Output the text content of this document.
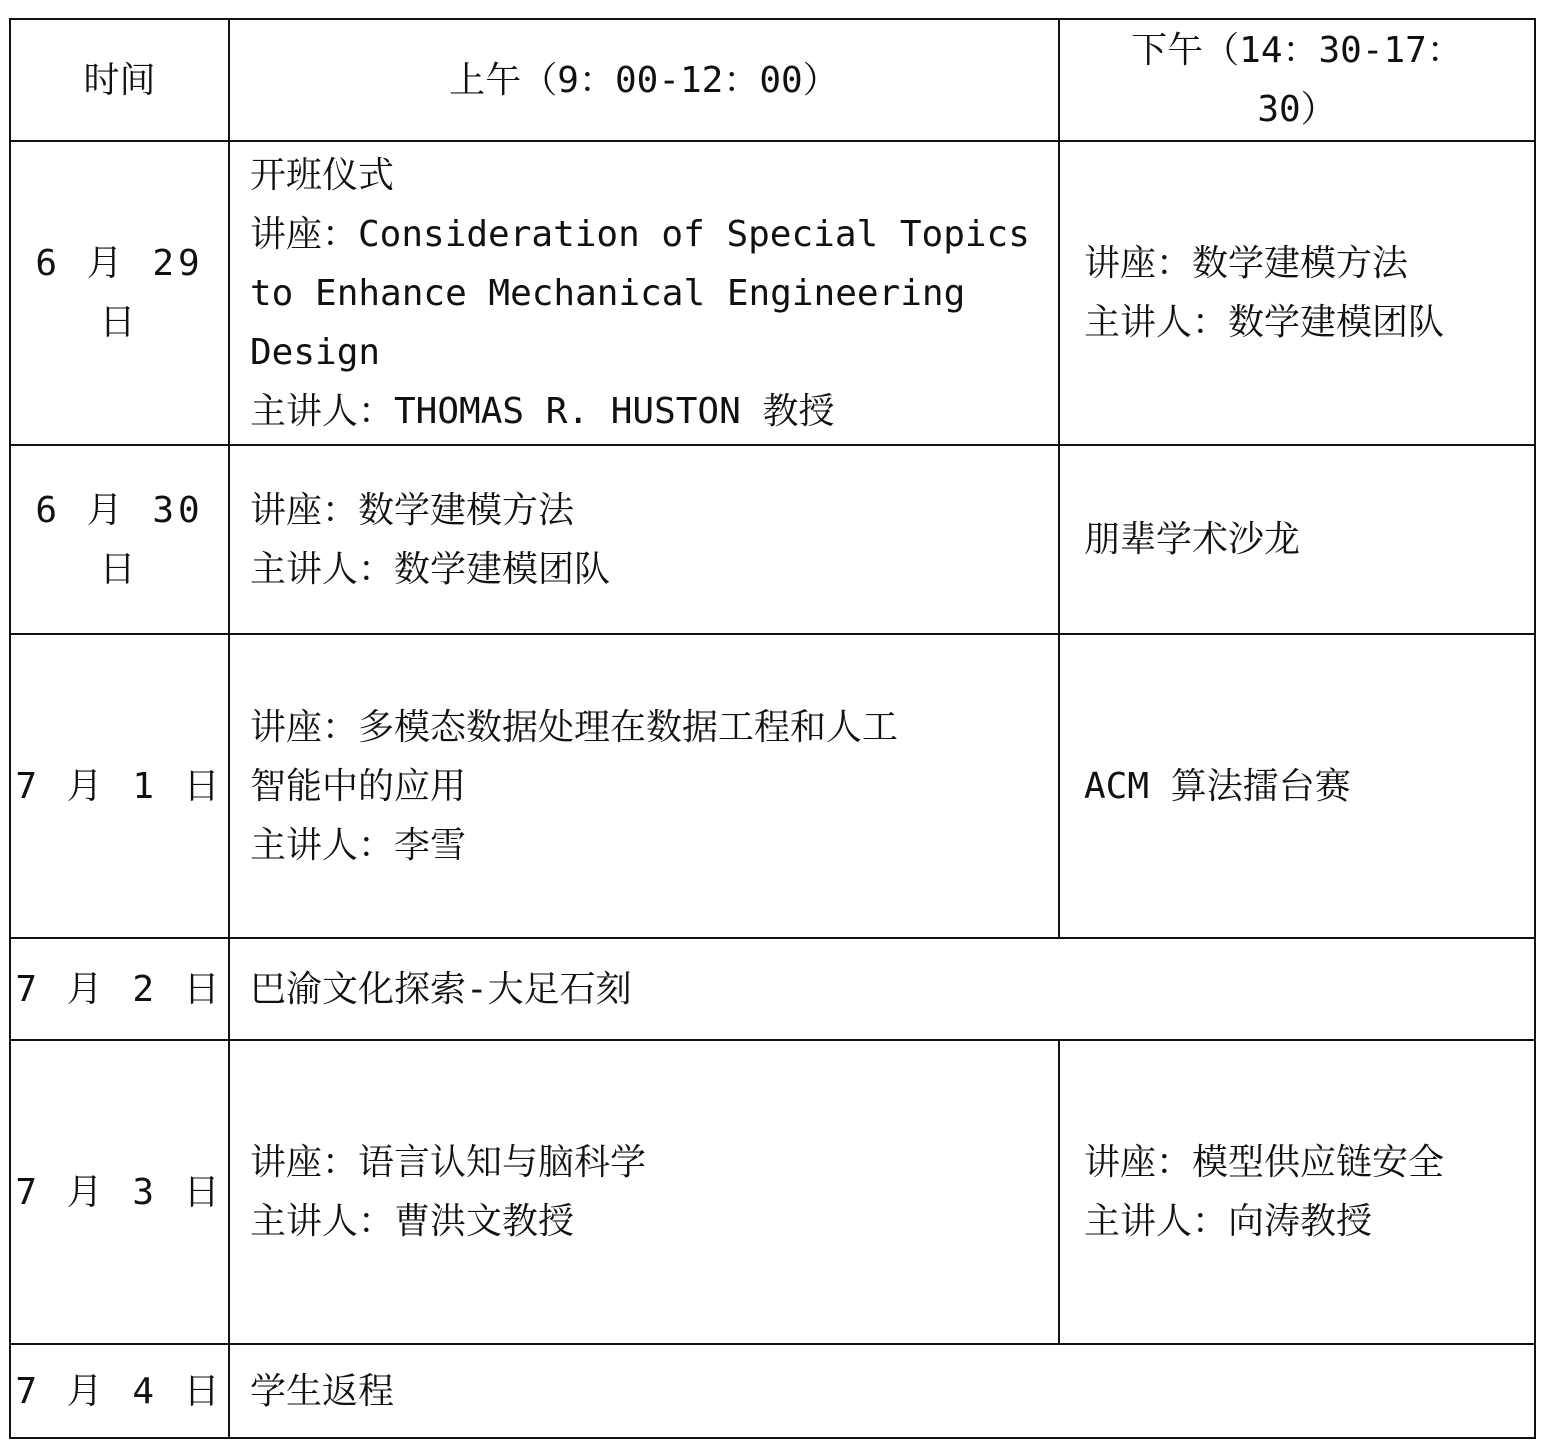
时间	上午（9：00-12：00）	下午（14：30-17：
30）

6 月 29 日	开班仪式
讲座：Consideration of Special Topics
to Enhance Mechanical Engineering
Design
主讲人：THOMAS R. HUSTON 教授	讲座：数学建模方法
主讲人：数学建模团队

6 月 30 日	讲座：数学建模方法
主讲人：数学建模团队	朋辈学术沙龙

7 月 1 日	讲座：多模态数据处理在数据工程和人工
智能中的应用
主讲人：李雪	ACM 算法擂台赛

7 月 2 日	巴渝文化探索-大足石刻	

7 月 3 日	讲座：语言认知与脑科学
主讲人：曹洪文教授	讲座：模型供应链安全
主讲人：向涛教授

7 月 4 日	学生返程	
